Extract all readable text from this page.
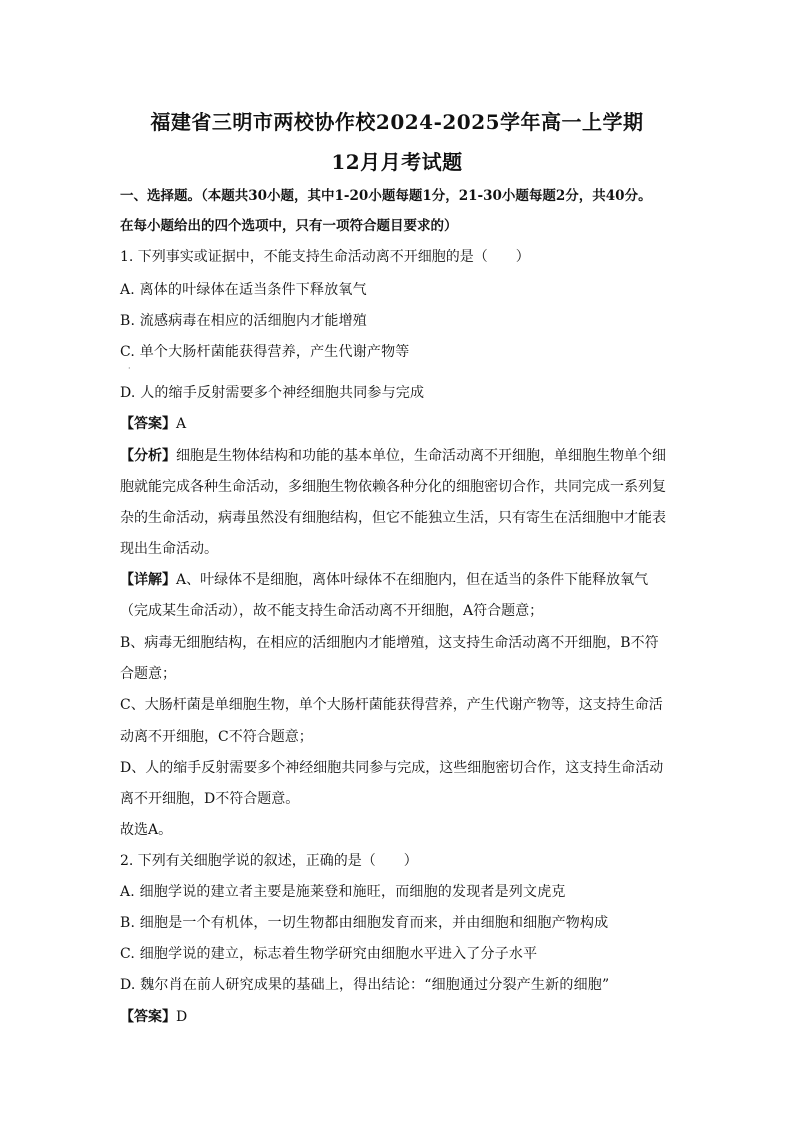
福建省三明市两校协作校2024-2025学年高一上学期
12月月考试题
一、选择题。（本题共30小题，其中1-20小题每题1分，21-30小题每题2分，共40分。
在每小题给出的四个选项中，只有一项符合题目要求的）
1. 下列事实或证据中，不能支持生命活动离不开细胞的是（　　）
A. 离体的叶绿体在适当条件下释放氧气
B. 流感病毒在相应的活细胞内才能增殖
C. 单个大肠杆菌能获得营养，产生代谢产物等
·
D. 人的缩手反射需要多个神经细胞共同参与完成
【答案】A
【分析】细胞是生物体结构和功能的基本单位，生命活动离不开细胞，单细胞生物单个细
胞就能完成各种生命活动，多细胞生物依赖各种分化的细胞密切合作，共同完成一系列复
杂的生命活动，病毒虽然没有细胞结构，但它不能独立生活，只有寄生在活细胞中才能表
现出生命活动。
【详解】A、叶绿体不是细胞，离体叶绿体不在细胞内，但在适当的条件下能释放氧气
（完成某生命活动），故不能支持生命活动离不开细胞，A符合题意；
B、病毒无细胞结构，在相应的活细胞内才能增殖，这支持生命活动离不开细胞，B不符
合题意；
C、大肠杆菌是单细胞生物，单个大肠杆菌能获得营养，产生代谢产物等，这支持生命活
动离不开细胞，C不符合题意；
D、人的缩手反射需要多个神经细胞共同参与完成，这些细胞密切合作，这支持生命活动
离不开细胞，D不符合题意。
故选A。
2. 下列有关细胞学说的叙述，正确的是（　　）
A. 细胞学说的建立者主要是施莱登和施旺，而细胞的发现者是列文虎克
B. 细胞是一个有机体，一切生物都由细胞发育而来，并由细胞和细胞产物构成
C. 细胞学说的建立，标志着生物学研究由细胞水平进入了分子水平
D. 魏尔肖在前人研究成果的基础上，得出结论：“细胞通过分裂产生新的细胞”
【答案】D
